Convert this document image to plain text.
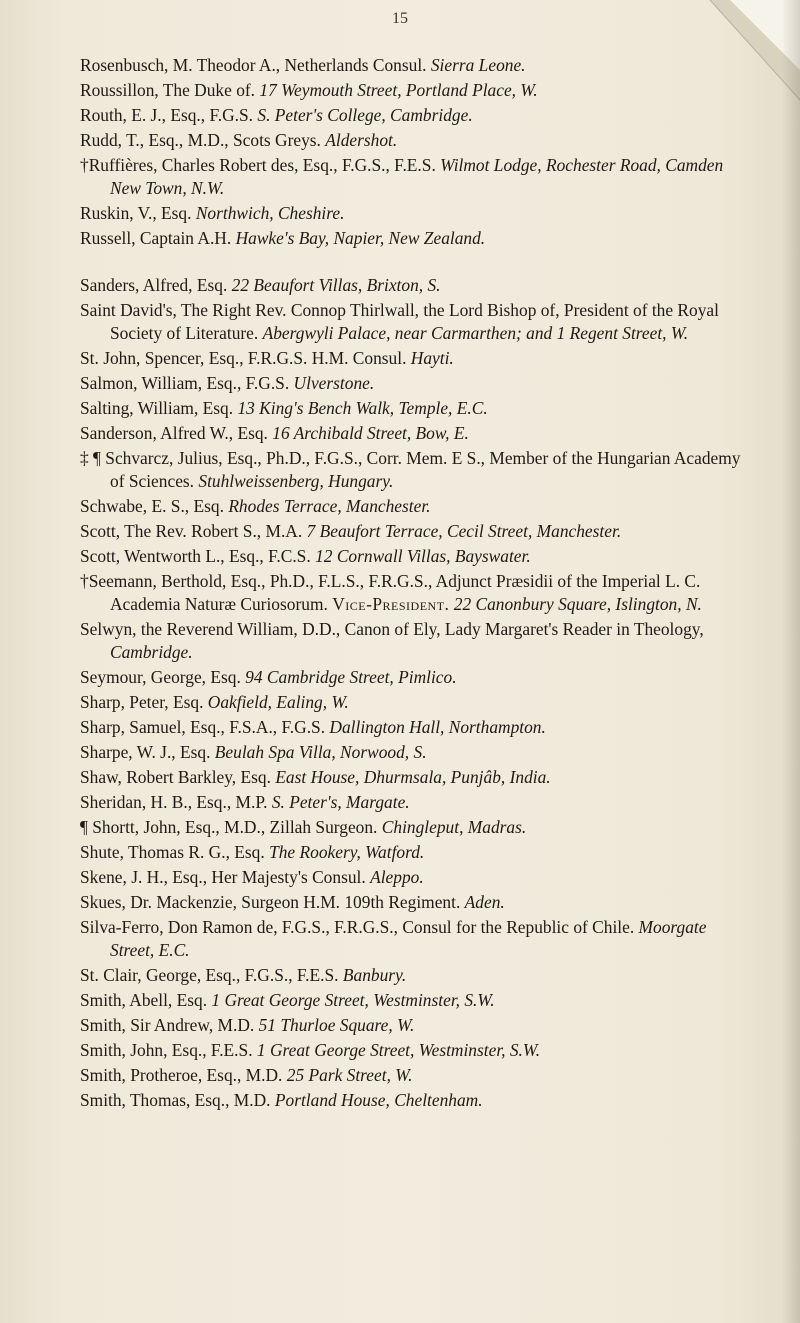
15

Rosenbusch, M. Theodor A., Netherlands Consul. Sierra Leone.

Roussillon, The Duke of. 17 Weymouth Street, Portland Place, W.

Routh, E. J., Esq., F.G.S. S. Peter's College, Cambridge.

Rudd, T., Esq., M.D., Scots Greys. Aldershot.

†Ruffières, Charles Robert des, Esq., F.G.S., F.E.S. Wilmot Lodge, Rochester Road, Camden New Town, N.W.

Ruskin, V., Esq. Northwich, Cheshire.

Russell, Captain A.H. Hawke's Bay, Napier, New Zealand.

Sanders, Alfred, Esq. 22 Beaufort Villas, Brixton, S.

Saint David's, The Right Rev. Connop Thirlwall, the Lord Bishop of, President of the Royal Society of Literature. Abergwyli Palace, near Carmarthen; and 1 Regent Street, W.

St. John, Spencer, Esq., F.R.G.S. H.M. Consul. Hayti.

Salmon, William, Esq., F.G.S. Ulverstone.

Salting, William, Esq. 13 King's Bench Walk, Temple, E.C.

Sanderson, Alfred W., Esq. 16 Archibald Street, Bow, E.

‡ ¶ Schvarcz, Julius, Esq., Ph.D., F.G.S., Corr. Mem. E S., Member of the Hungarian Academy of Sciences. Stuhlweissenberg, Hungary.

Schwabe, E. S., Esq. Rhodes Terrace, Manchester.

Scott, The Rev. Robert S., M.A. 7 Beaufort Terrace, Cecil Street, Manchester.

Scott, Wentworth L., Esq., F.C.S. 12 Cornwall Villas, Bayswater.

†Seemann, Berthold, Esq., Ph.D., F.L.S., F.R.G.S., Adjunct Præsidii of the Imperial L. C. Academia Naturæ Curiosorum. Vice-President. 22 Canonbury Square, Islington, N.

Selwyn, the Reverend William, D.D., Canon of Ely, Lady Margaret's Reader in Theology, Cambridge.

Seymour, George, Esq. 94 Cambridge Street, Pimlico.

Sharp, Peter, Esq. Oakfield, Ealing, W.

Sharp, Samuel, Esq., F.S.A., F.G.S. Dallington Hall, Northampton.

Sharpe, W. J., Esq. Beulah Spa Villa, Norwood, S.

Shaw, Robert Barkley, Esq. East House, Dhurmsala, Punjâb, India.

Sheridan, H. B., Esq., M.P. S. Peter's, Margate.

¶ Shortt, John, Esq., M.D., Zillah Surgeon. Chingleput, Madras.

Shute, Thomas R. G., Esq. The Rookery, Watford.

Skene, J. H., Esq., Her Majesty's Consul. Aleppo.

Skues, Dr. Mackenzie, Surgeon H.M. 109th Regiment. Aden.

Silva-Ferro, Don Ramon de, F.G.S., F.R.G.S., Consul for the Republic of Chile. Moorgate Street, E.C.

St. Clair, George, Esq., F.G.S., F.E.S. Banbury.

Smith, Abell, Esq. 1 Great George Street, Westminster, S.W.

Smith, Sir Andrew, M.D. 51 Thurloe Square, W.

Smith, John, Esq., F.E.S. 1 Great George Street, Westminster, S.W.

Smith, Protheroe, Esq., M.D. 25 Park Street, W.

Smith, Thomas, Esq., M.D. Portland House, Cheltenham.
